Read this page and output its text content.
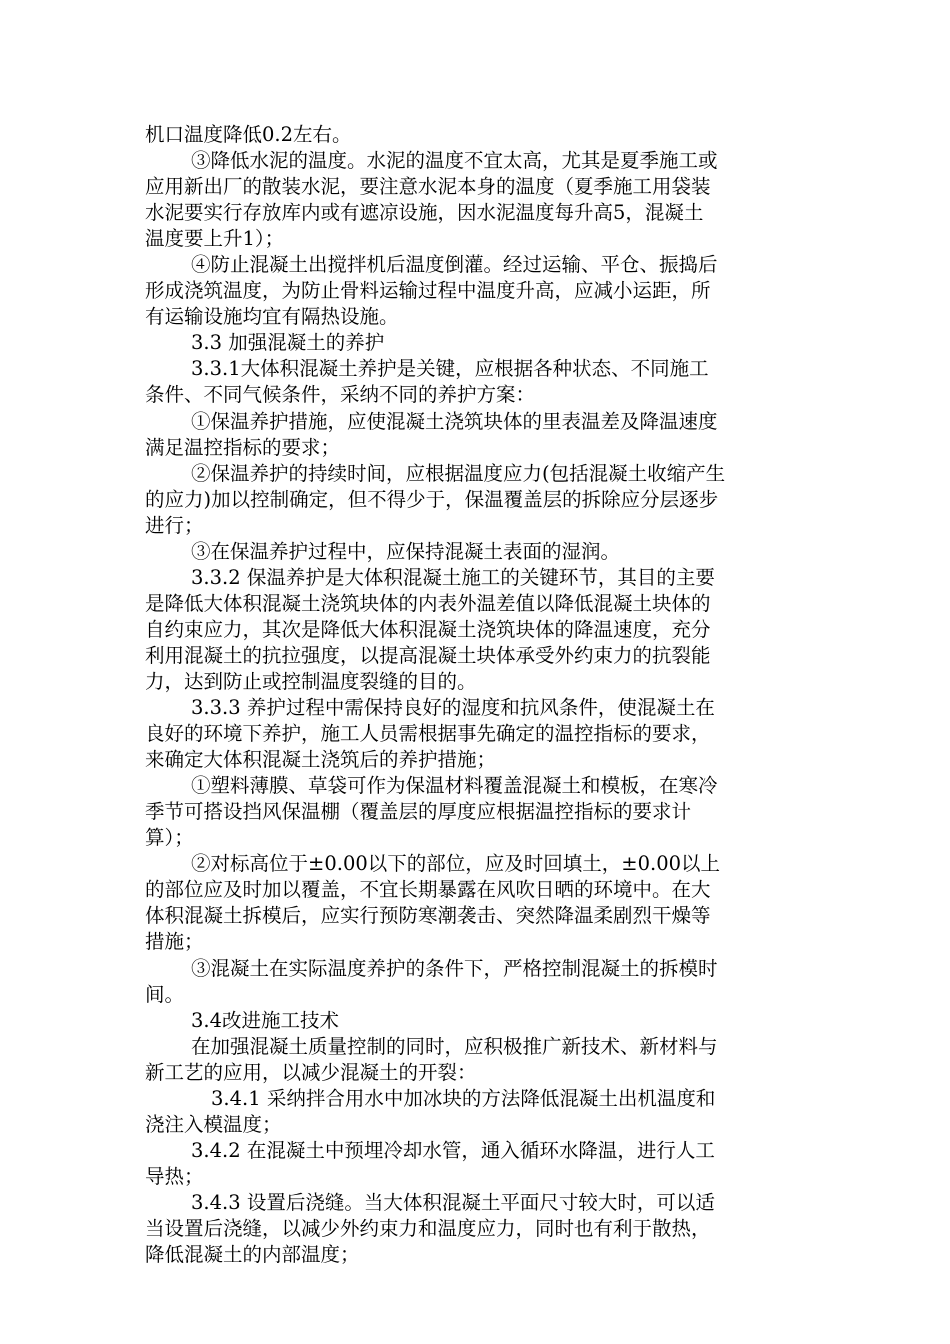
机口温度降低0.2左右。
③降低水泥的温度。水泥的温度不宜太高，尤其是夏季施工或
应用新出厂的散装水泥，要注意水泥本身的温度（夏季施工用袋装
水泥要实行存放库内或有遮凉设施，因水泥温度每升高5，混凝土
温度要上升1）；
④防止混凝土出搅拌机后温度倒灌。经过运输、平仓、振捣后
形成浇筑温度，为防止骨料运输过程中温度升高，应减小运距，所
有运输设施均宜有隔热设施。
3.3 加强混凝土的养护
3.3.1大体积混凝土养护是关键，应根据各种状态、不同施工
条件、不同气候条件，采纳不同的养护方案：
①保温养护措施，应使混凝土浇筑块体的里表温差及降温速度
满足温控指标的要求；
②保温养护的持续时间，应根据温度应力(包括混凝土收缩产生
的应力)加以控制确定，但不得少于，保温覆盖层的拆除应分层逐步
进行；
③在保温养护过程中，应保持混凝土表面的湿润。
3.3.2 保温养护是大体积混凝土施工的关键环节，其目的主要
是降低大体积混凝土浇筑块体的内表外温差值以降低混凝土块体的
自约束应力，其次是降低大体积混凝土浇筑块体的降温速度，充分
利用混凝土的抗拉强度，以提高混凝土块体承受外约束力的抗裂能
力，达到防止或控制温度裂缝的目的。
3.3.3 养护过程中需保持良好的湿度和抗风条件，使混凝土在
良好的环境下养护，施工人员需根据事先确定的温控指标的要求，
来确定大体积混凝土浇筑后的养护措施；
①塑料薄膜、草袋可作为保温材料覆盖混凝土和模板，在寒冷
季节可搭设挡风保温棚（覆盖层的厚度应根据温控指标的要求计
算）；
②对标高位于±0.00以下的部位，应及时回填土，±0.00以上
的部位应及时加以覆盖，不宜长期暴露在风吹日晒的环境中。在大
体积混凝土拆模后，应实行预防寒潮袭击、突然降温柔剧烈干燥等
措施；
③混凝土在实际温度养护的条件下，严格控制混凝土的拆模时
间。
3.4改进施工技术
在加强混凝土质量控制的同时，应积极推广新技术、新材料与
新工艺的应用，以减少混凝土的开裂：
3.4.1 采纳拌合用水中加冰块的方法降低混凝土出机温度和
浇注入模温度；
3.4.2 在混凝土中预埋冷却水管，通入循环水降温，进行人工
导热；
3.4.3 设置后浇缝。当大体积混凝土平面尺寸较大时，可以适
当设置后浇缝，以减少外约束力和温度应力，同时也有利于散热，
降低混凝土的内部温度；
